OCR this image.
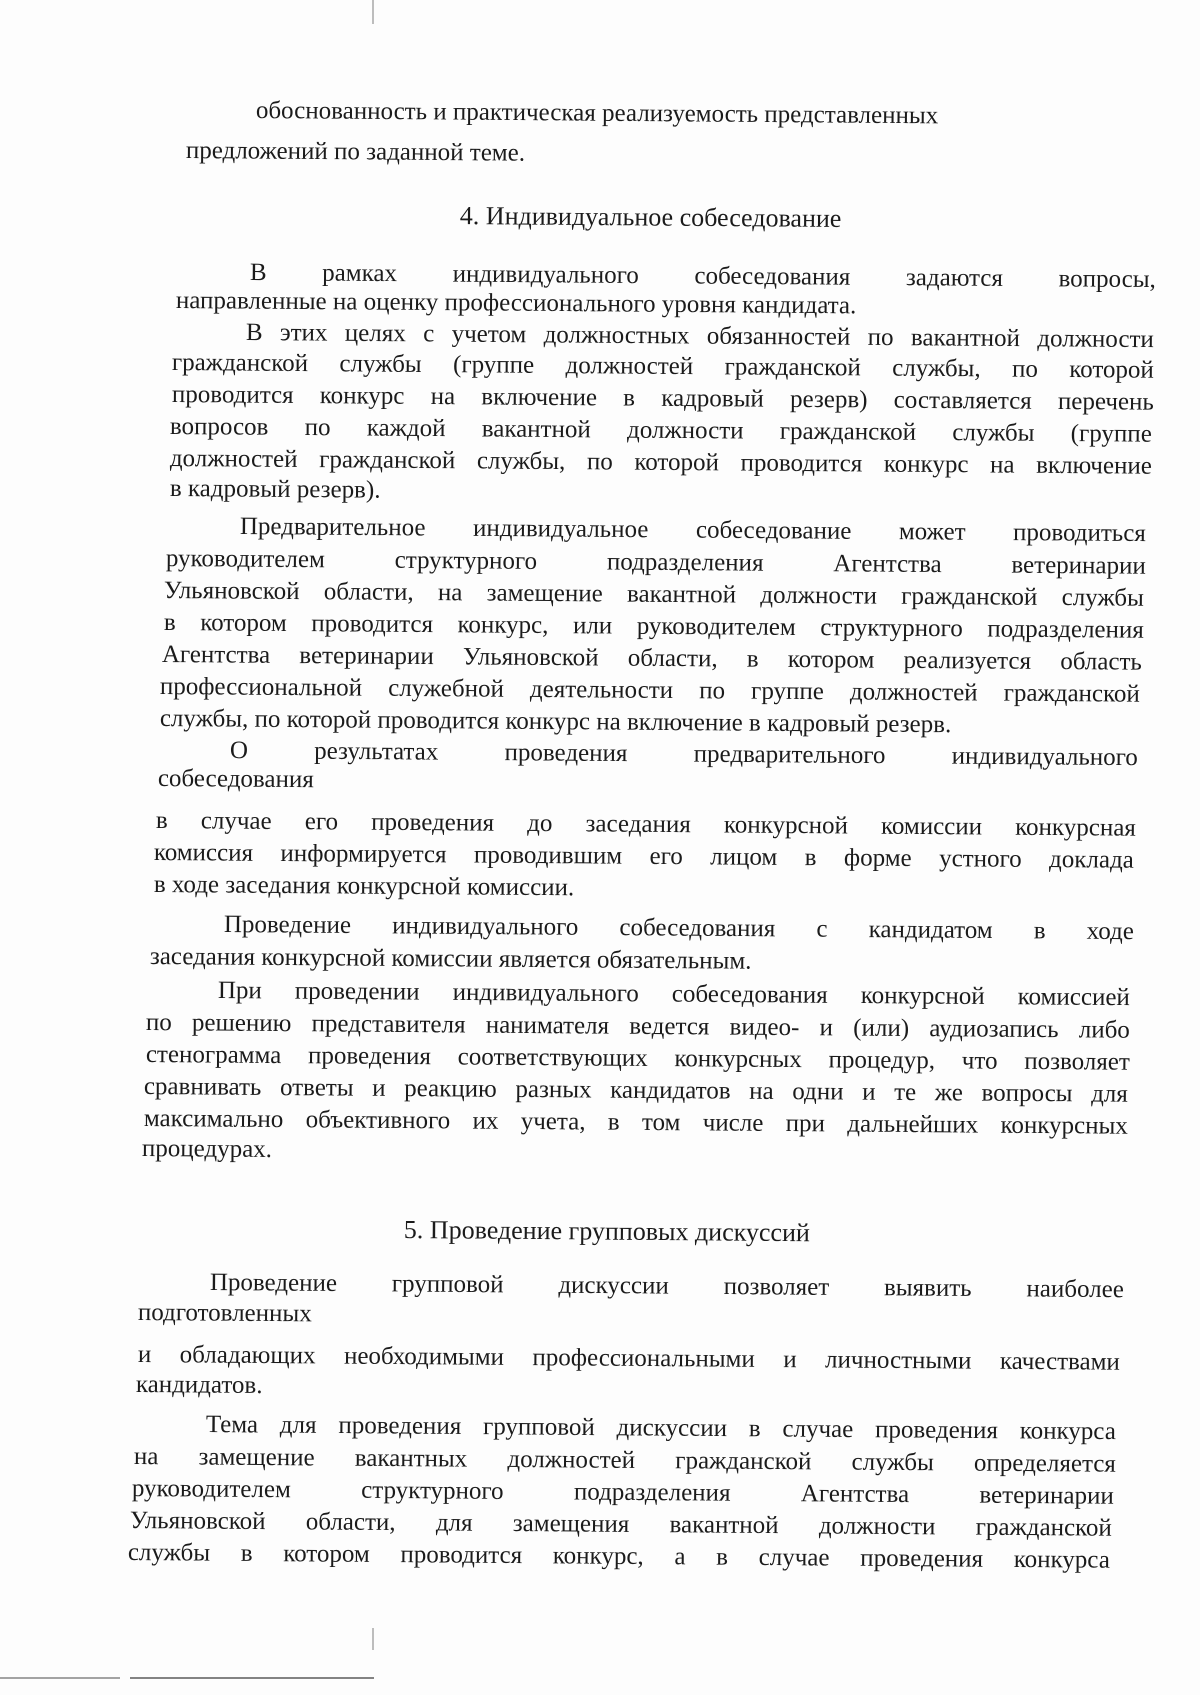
обоснованность и практическая реализуемость представленных
предложений по заданной теме.
4. Индивидуальное собеседование
В рамках индивидуального собеседования задаются вопросы,
направленные на оценку профессионального уровня кандидата.
В этих целях с учетом должностных обязанностей по вакантной должности
гражданской службы (группе должностей гражданской службы, по которой
проводится конкурс на включение в кадровый резерв) составляется перечень
вопросов по каждой вакантной должности гражданской службы (группе
должностей гражданской службы, по которой проводится конкурс на включение
в кадровый резерв).
Предварительное индивидуальное собеседование может проводиться
руководителем структурного подразделения Агентства ветеринарии
Ульяновской области, на замещение вакантной должности гражданской службы
в котором проводится конкурс, или руководителем структурного подразделения
Агентства ветеринарии Ульяновской области, в котором реализуется область
профессиональной служебной деятельности по группе должностей гражданской
службы, по которой проводится конкурс на включение в кадровый резерв.
О результатах проведения предварительного индивидуального
собеседования
в случае его проведения до заседания конкурсной комиссии конкурсная
комиссия информируется проводившим его лицом в форме устного доклада
в ходе заседания конкурсной комиссии.
Проведение индивидуального собеседования с кандидатом в ходе
заседания конкурсной комиссии является обязательным.
При проведении индивидуального собеседования конкурсной комиссией
по решению представителя нанимателя ведется видео- и (или) аудиозапись либо
стенограмма проведения соответствующих конкурсных процедур, что позволяет
сравнивать ответы и реакцию разных кандидатов на одни и те же вопросы для
максимально объективного их учета, в том числе при дальнейших конкурсных
процедурах.
5. Проведение групповых дискуссий
Проведение групповой дискуссии позволяет выявить наиболее
подготовленных
и обладающих необходимыми профессиональными и личностными качествами
кандидатов.
Тема для проведения групповой дискуссии в случае проведения конкурса
на замещение вакантных должностей гражданской службы определяется
руководителем структурного подразделения Агентства ветеринарии
Ульяновской области, для замещения вакантной должности гражданской
службы в котором проводится конкурс, а в случае проведения конкурса
